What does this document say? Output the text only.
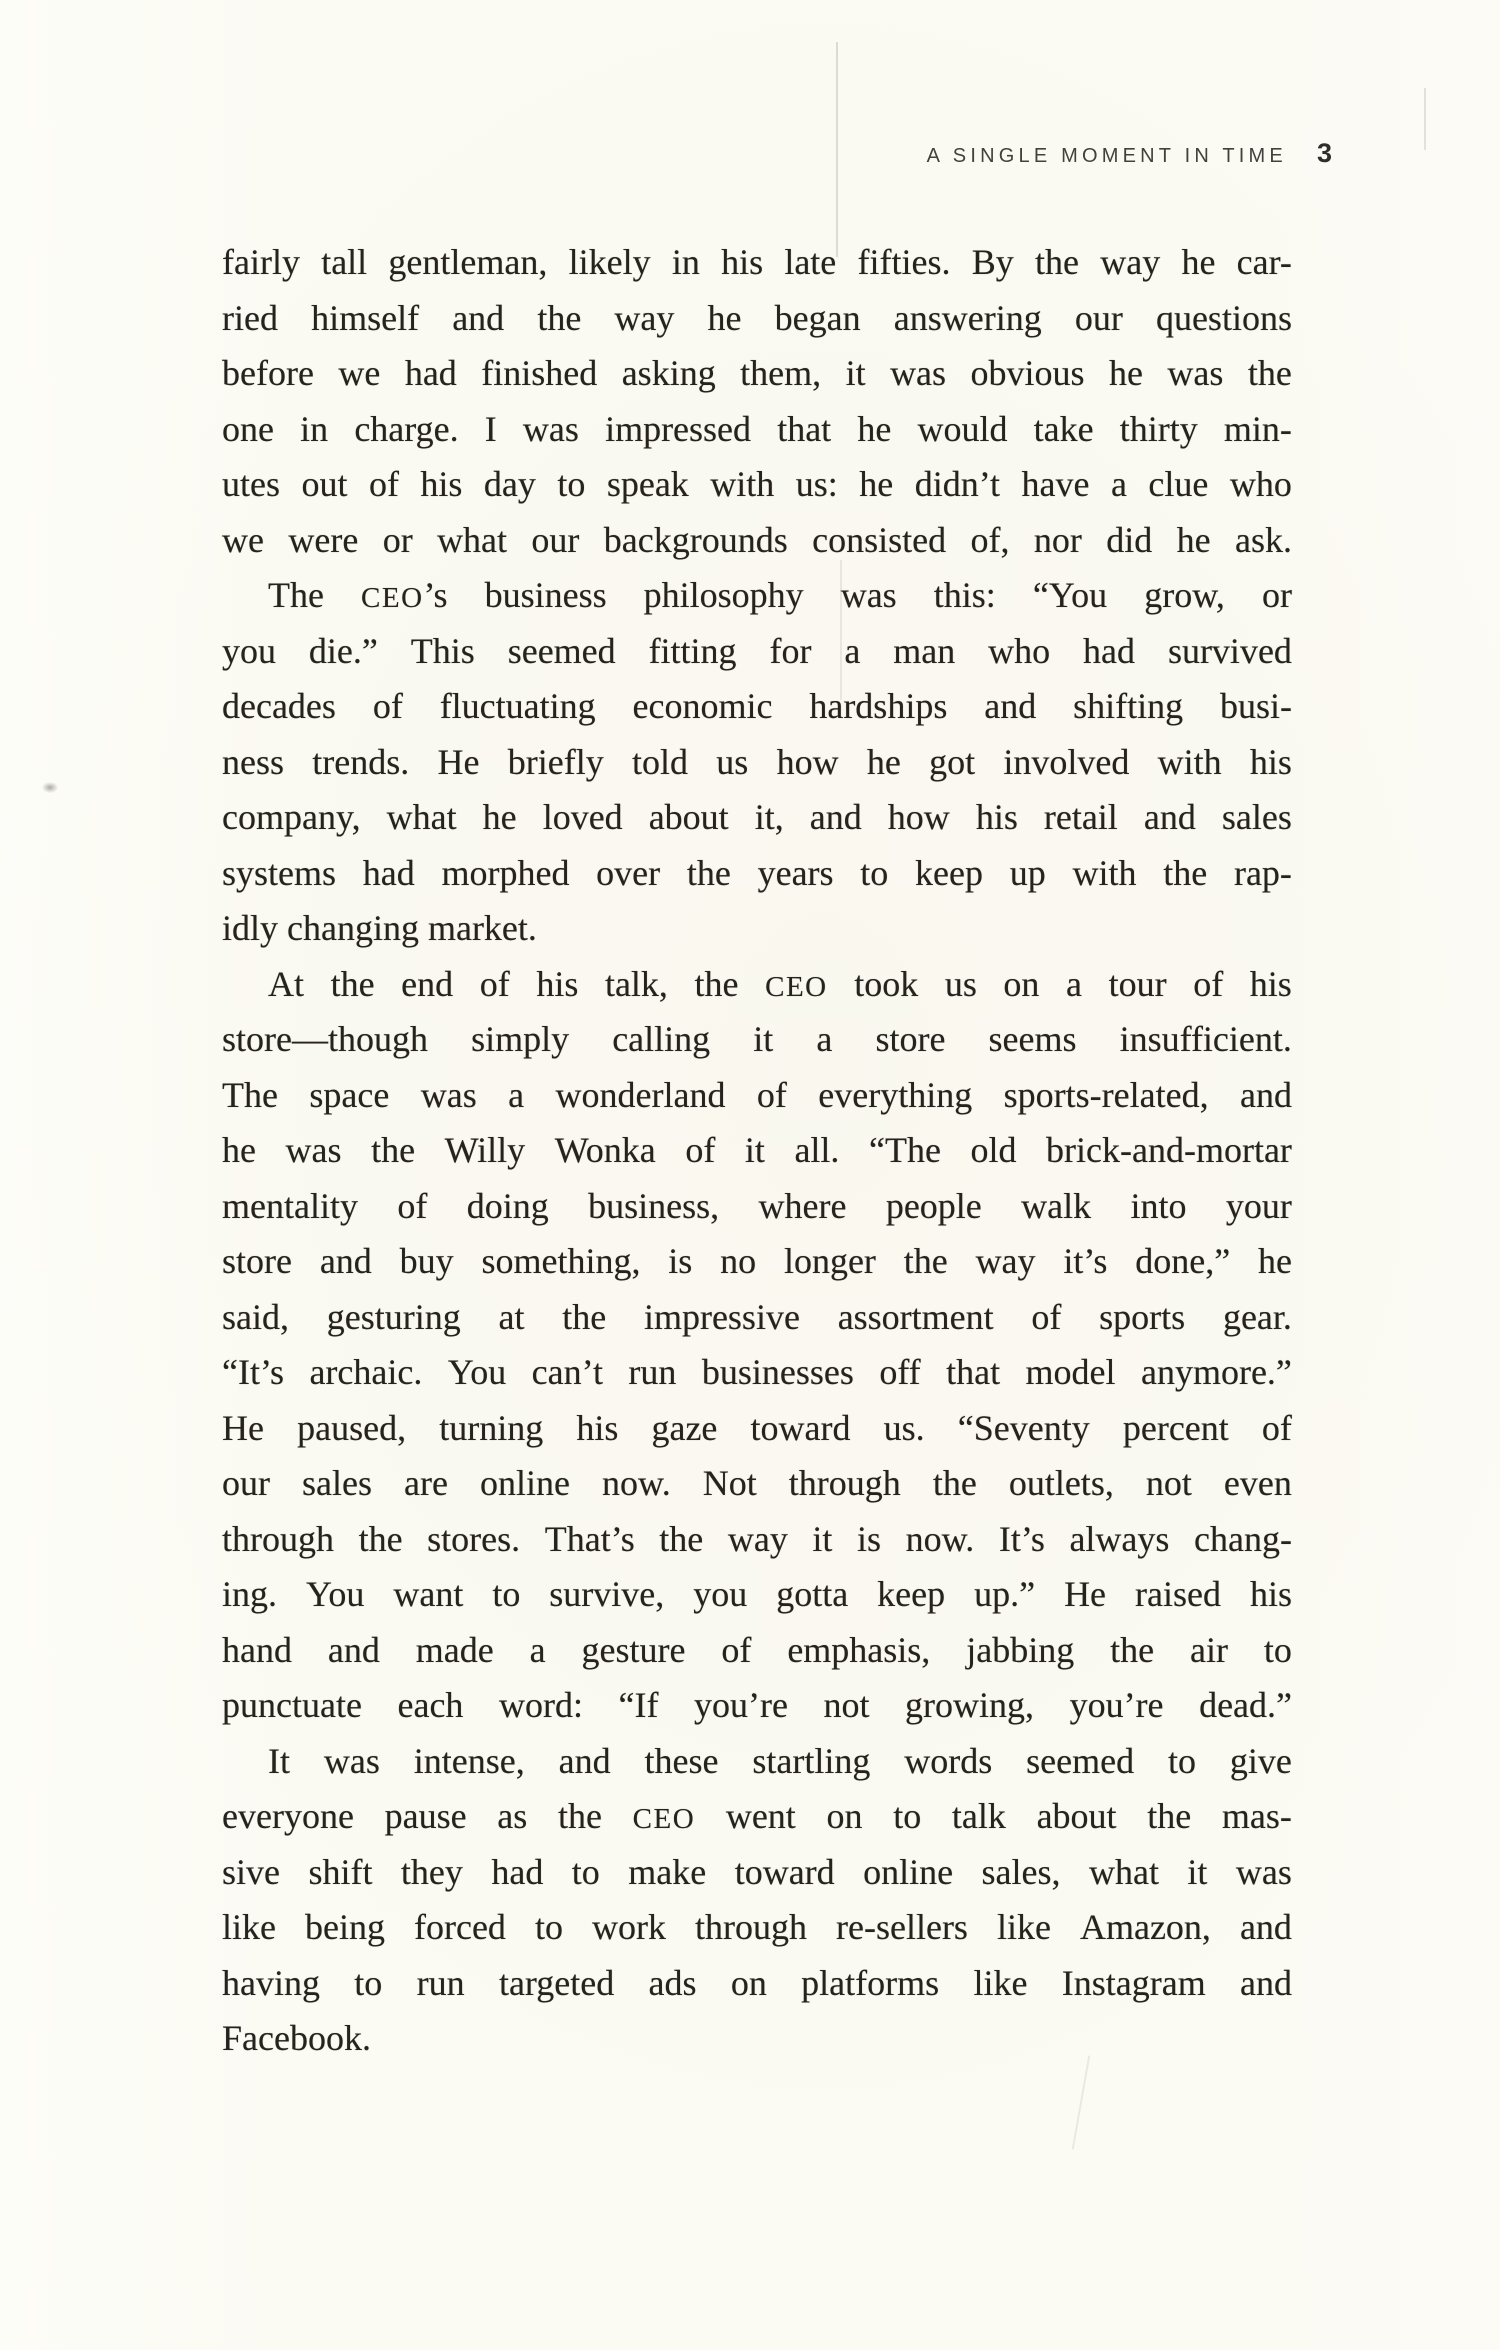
A SINGLE MOMENT IN TIME 3
fairly tall gentleman, likely in his late fifties. By the way he car-
ried himself and the way he began answering our questions
before we had finished asking them, it was obvious he was the
one in charge. I was impressed that he would take thirty min-
utes out of his day to speak with us: he didn’t have a clue who
we were or what our backgrounds consisted of, nor did he ask.
The CEO’s business philosophy was this: “You grow, or
you die.” This seemed fitting for a man who had survived
decades of fluctuating economic hardships and shifting busi-
ness trends. He briefly told us how he got involved with his
company, what he loved about it, and how his retail and sales
systems had morphed over the years to keep up with the rap-
idly changing market.
At the end of his talk, the CEO took us on a tour of his
store—though simply calling it a store seems insufficient.
The space was a wonderland of everything sports-related, and
he was the Willy Wonka of it all. “The old brick-and-mortar
mentality of doing business, where people walk into your
store and buy something, is no longer the way it’s done,” he
said, gesturing at the impressive assortment of sports gear.
“It’s archaic. You can’t run businesses off that model anymore.”
He paused, turning his gaze toward us. “Seventy percent of
our sales are online now. Not through the outlets, not even
through the stores. That’s the way it is now. It’s always chang-
ing. You want to survive, you gotta keep up.” He raised his
hand and made a gesture of emphasis, jabbing the air to
punctuate each word: “If you’re not growing, you’re dead.”
It was intense, and these startling words seemed to give
everyone pause as the CEO went on to talk about the mas-
sive shift they had to make toward online sales, what it was
like being forced to work through re-sellers like Amazon, and
having to run targeted ads on platforms like Instagram and
Facebook.
